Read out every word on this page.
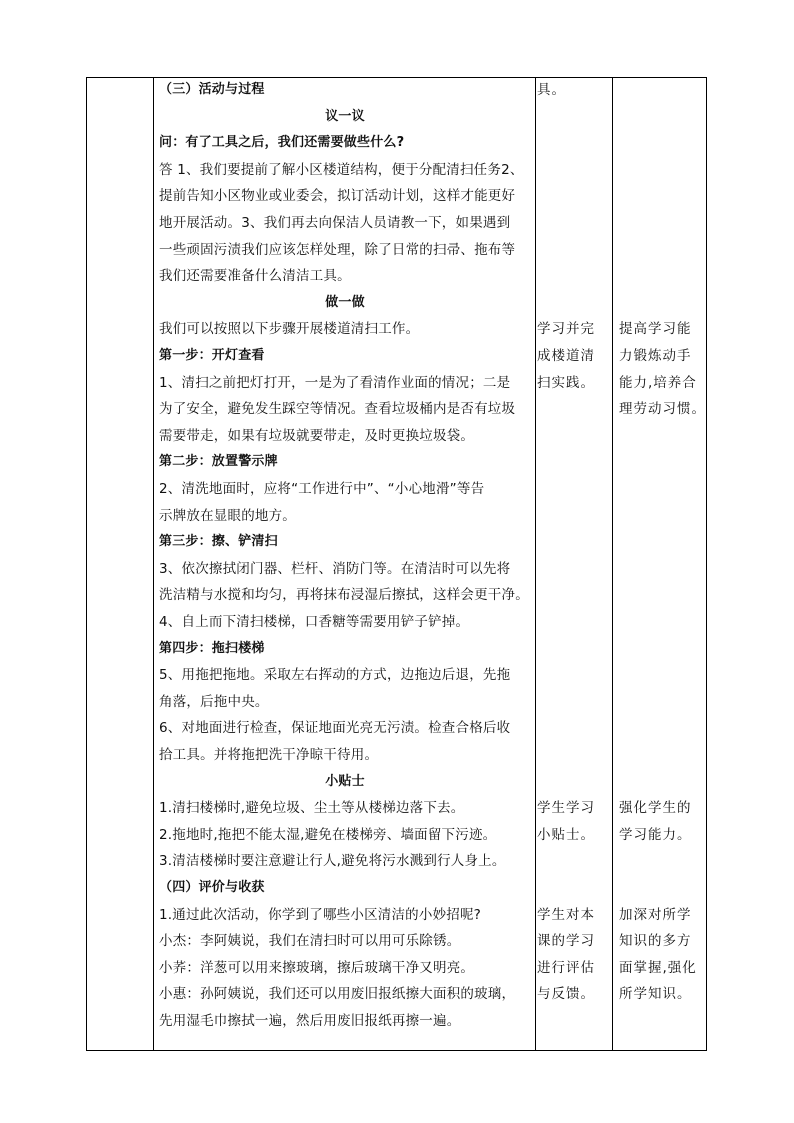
（三）活动与过程
议一议
问：有了工具之后，我们还需要做些什么?
答 1、我们要提前了解小区楼道结构，便于分配清扫任务2、
提前告知小区物业或业委会，拟订活动计划，这样才能更好
地开展活动。3、我们再去向保洁人员请教一下，如果遇到
一些顽固污渍我们应该怎样处理，除了日常的扫帚、拖布等
我们还需要准备什么清洁工具。
做一做
我们可以按照以下步骤开展楼道清扫工作。
第一步：开灯查看
1、清扫之前把灯打开，一是为了看清作业面的情况；二是
为了安全，避免发生踩空等情况。查看垃圾桶内是否有垃圾
需要带走，如果有垃圾就要带走，及时更换垃圾袋。
第二步：放置警示牌
2、清洗地面时，应将“工作进行中”、“小心地滑”等告
示牌放在显眼的地方。
第三步：擦、铲清扫
3、依次擦拭闭门器、栏杆、消防门等。在清洁时可以先将
洗洁精与水搅和均匀，再将抹布浸湿后擦拭，这样会更干净。
4、自上而下清扫楼梯，口香糖等需要用铲子铲掉。
第四步：拖扫楼梯
5、用拖把拖地。采取左右挥动的方式，边拖边后退，先拖
角落，后拖中央。
6、对地面进行检查，保证地面光亮无污渍。检查合格后收
拾工具。并将拖把洗干净晾干待用。
小贴士
1.清扫楼梯时,避免垃圾、尘土等从楼梯边落下去。
2.拖地时,拖把不能太湿,避免在楼梯旁、墙面留下污迹。
3.清洁楼梯时要注意避让行人,避免将污水溅到行人身上。
（四）评价与收获
1.通过此次活动，你学到了哪些小区清洁的小妙招呢?
小杰：李阿姨说，我们在清扫时可以用可乐除锈。
小荞：洋葱可以用来擦玻璃，擦后玻璃干净又明亮。
小惠：孙阿姨说，我们还可以用废旧报纸擦大面积的玻璃，
先用湿毛巾擦拭一遍，然后用废旧报纸再擦一遍。
具。
学习并完
成楼道清
扫实践。
学生学习
小贴士。
学生对本
课的学习
进行评估
与反馈。
提高学习能
力锻炼动手
能力,培养合
理劳动习惯。
强化学生的
学习能力。
加深对所学
知识的多方
面掌握,强化
所学知识。
